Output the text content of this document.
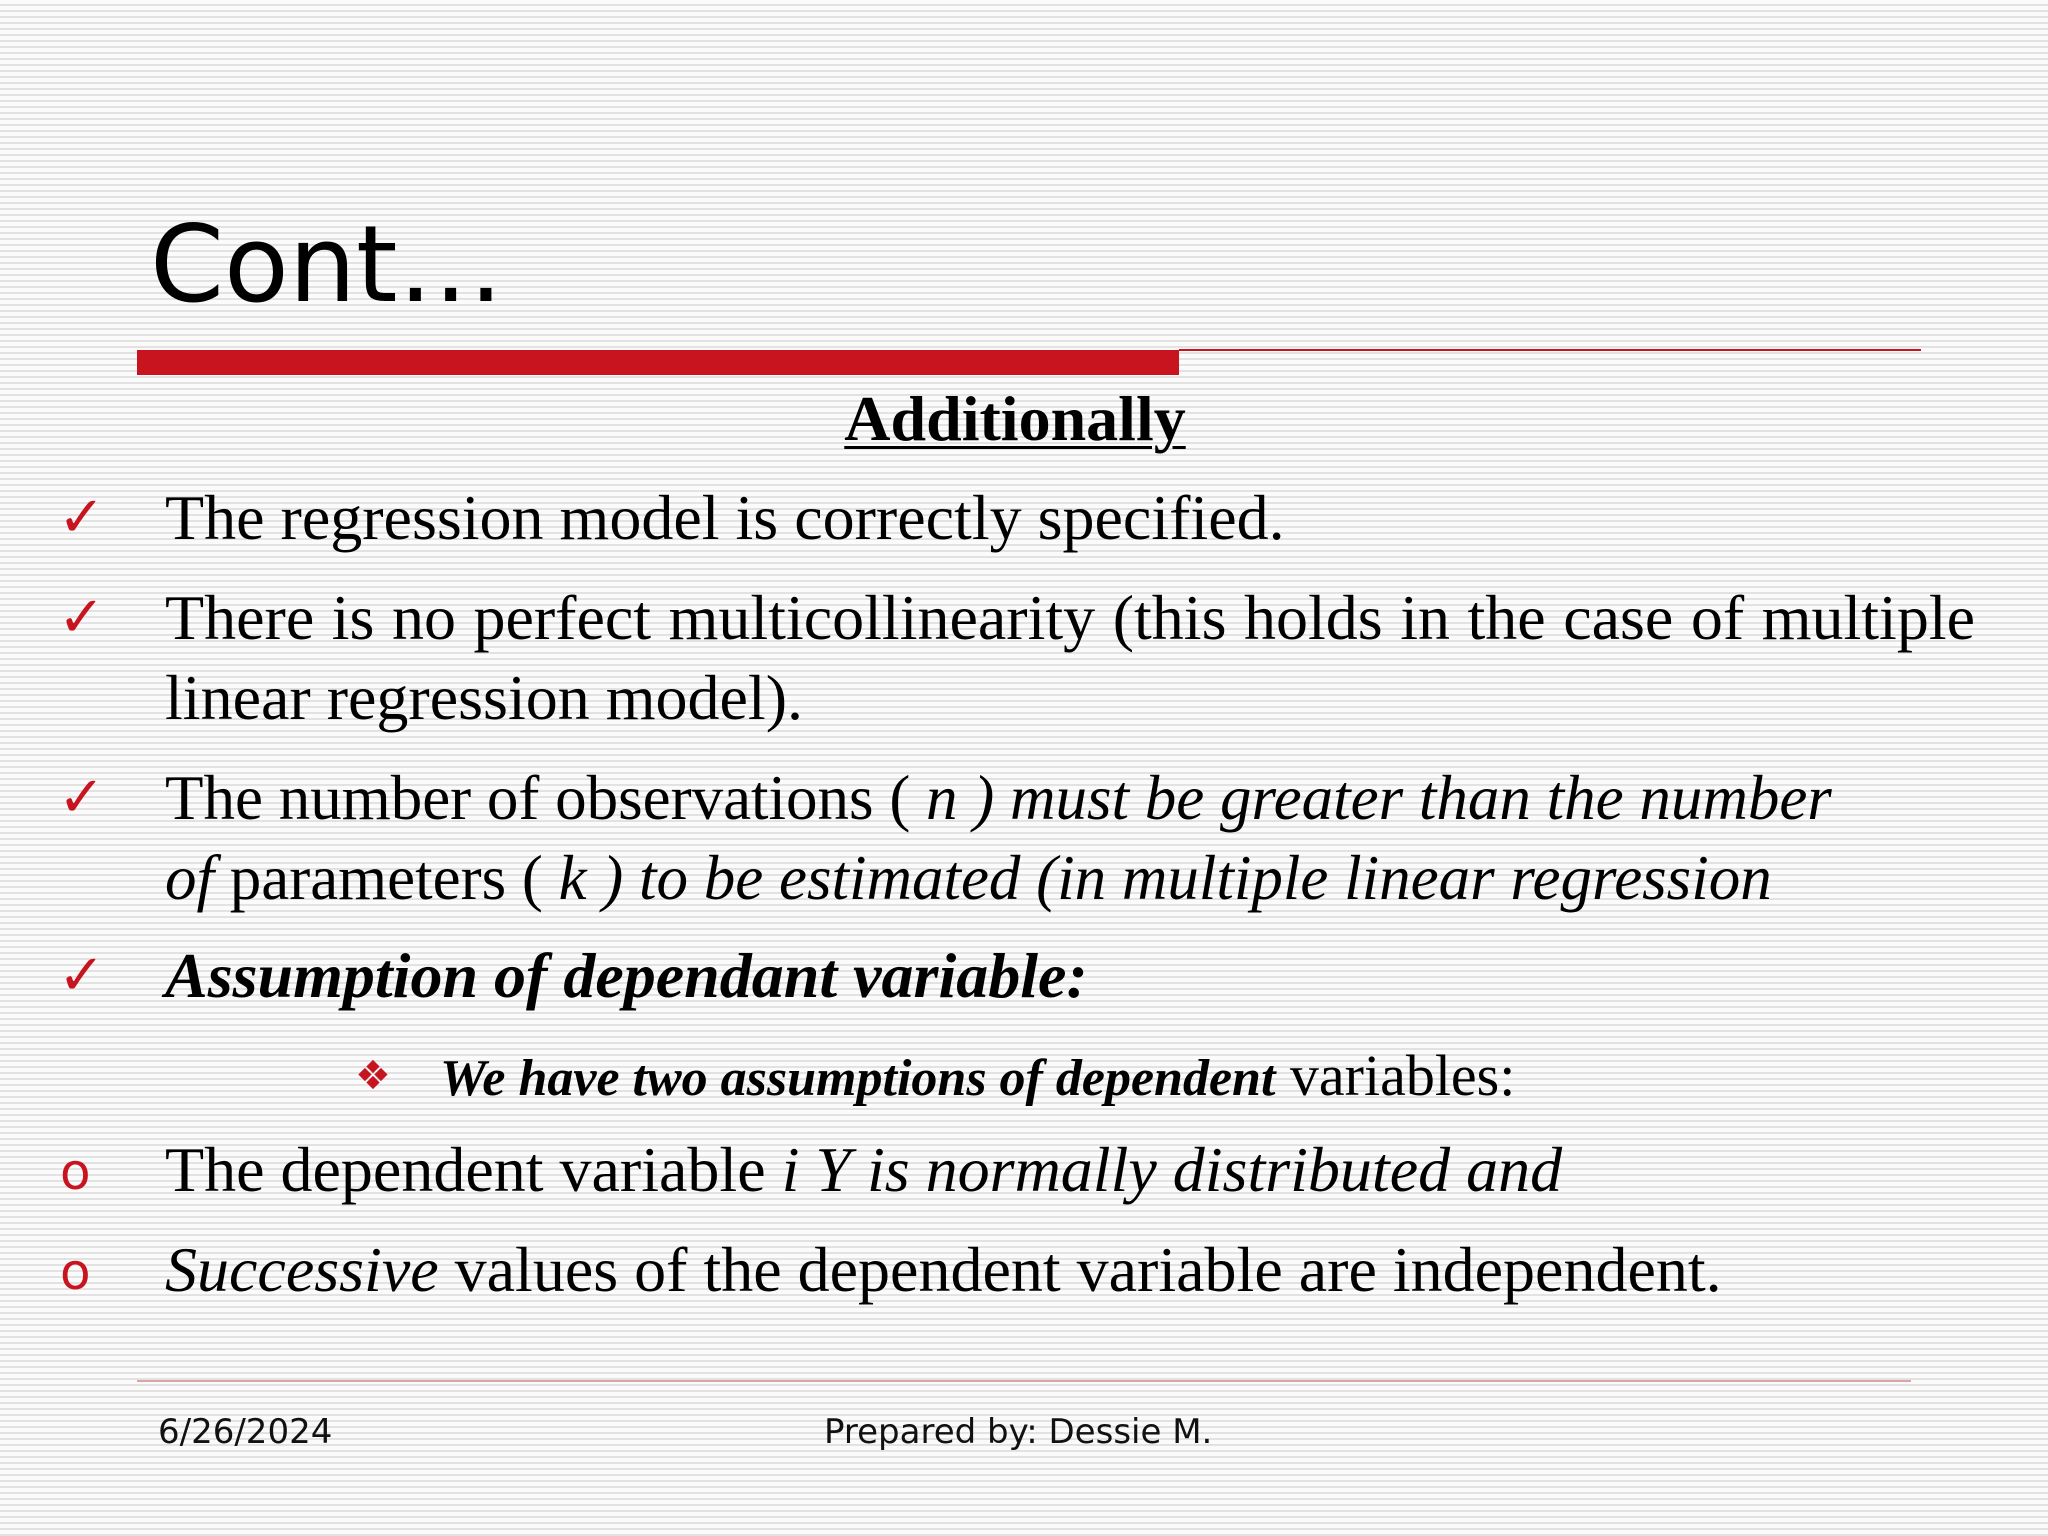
Cont…
Additionally
✓ The regression model is correctly specified.
✓ There is no perfect multicollinearity (this holds in the case of multiple linear regression model).
✓ The number of observations ( n ) must be greater than the number
of parameters ( k ) to be estimated (in multiple linear regression
✓ Assumption of dependant variable:
❖ We have two assumptions of dependent variables:
o The dependent variable i Y is normally distributed and
o Successive values of the dependent variable are independent.
6/26/2024	Prepared by: Dessie M.
